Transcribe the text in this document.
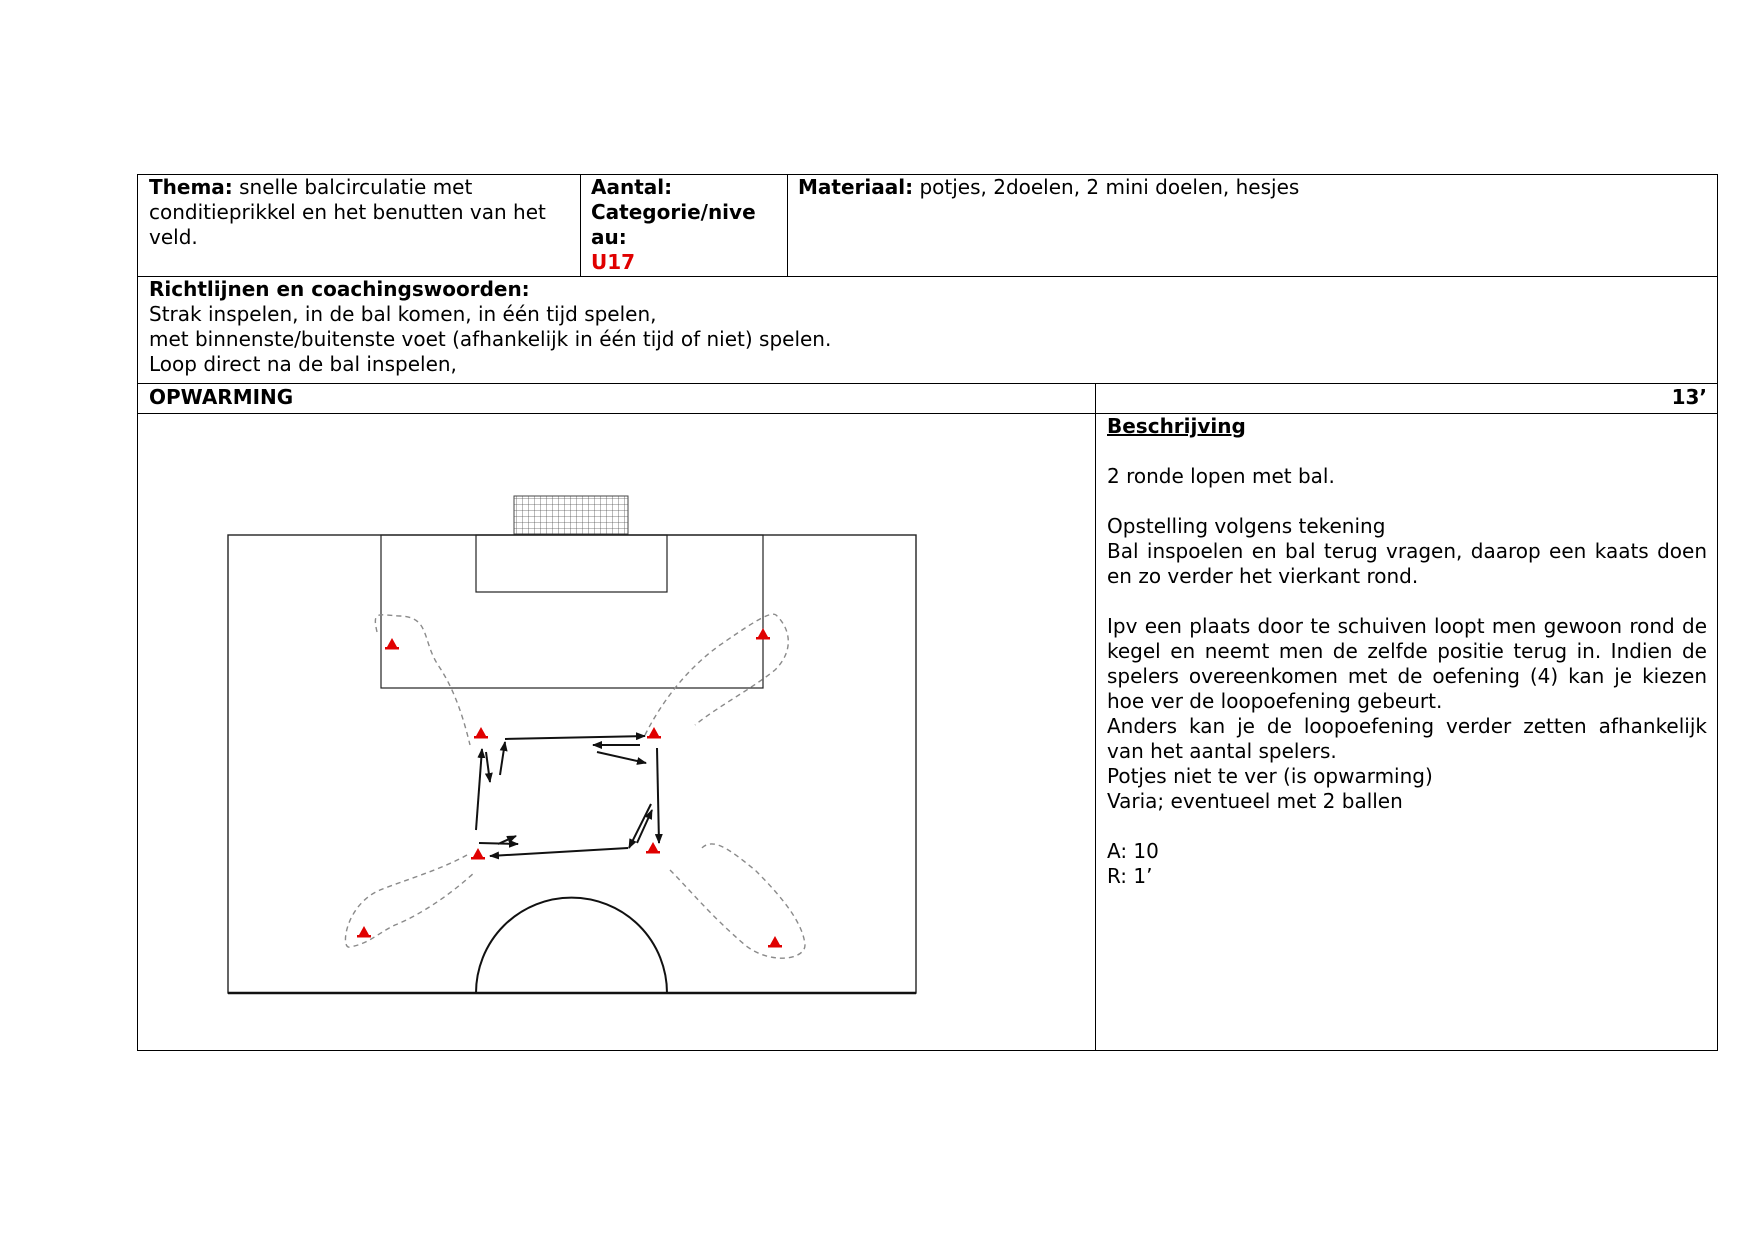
Thema: snelle balcirculatie met
conditieprikkel en het benutten van het
veld.
Aantal:
Categorie/nive
au:
U17
Materiaal: potjes, 2doelen, 2 mini doelen, hesjes
Richtlijnen en coachingswoorden:
Strak inspelen, in de bal komen, in één tijd spelen,
met binnenste/buitenste voet (afhankelijk in één tijd of niet) spelen.
Loop direct na de bal inspelen,
OPWARMING	13’

Beschrijving

2 ronde lopen met bal.

Opstelling volgens tekening

Bal inspoelen en bal terug vragen, daarop een kaats doen en zo verder het vierkant rond.

Ipv een plaats door te schuiven loopt men gewoon rond de kegel en neemt men de zelfde positie terug in. Indien de spelers overeenkomen met de oefening (4) kan je kiezen hoe ver de loopoefening gebeurt.

Anders kan je de loopoefening verder zetten afhankelijk van het aantal spelers.

Potjes niet te ver (is opwarming)

Varia; eventueel met 2 ballen

A: 10

R: 1’
